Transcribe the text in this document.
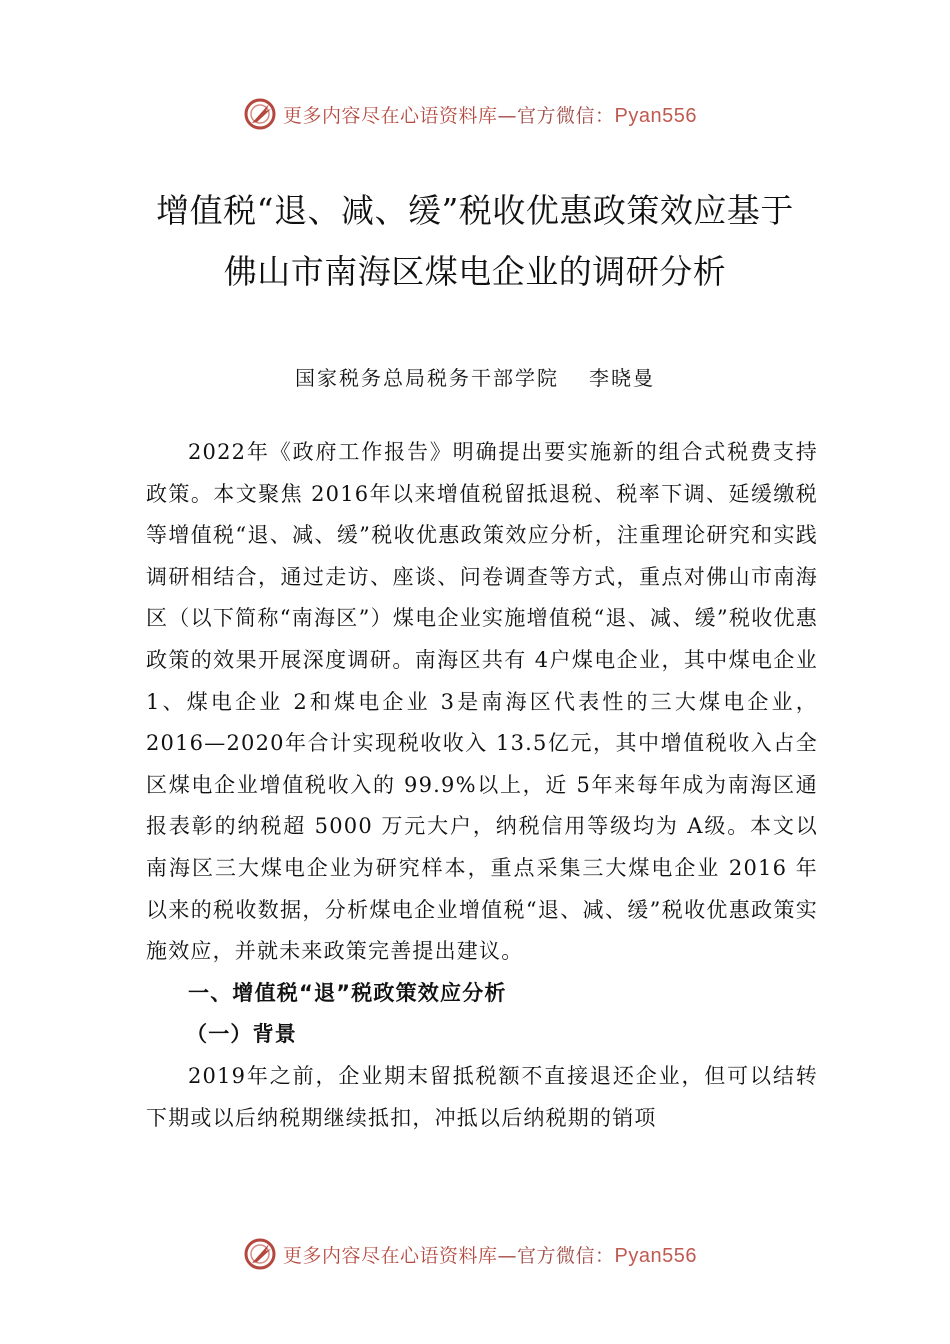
更多内容尽在心语资料库—官方微信：Pyan556
增值税“退、减、缓”税收优惠政策效应基于佛山市南海区煤电企业的调研分析
国家税务总局税务干部学院 李晓曼

2022年《政府工作报告》明确提出要实施新的组合式税费支持政策。本文聚焦 2016年以来增值税留抵退税、税率下调、延缓缴税等增值税“退、减、缓”税收优惠政策效应分析，注重理论研究和实践调研相结合，通过走访、座谈、问卷调查等方式，重点对佛山市南海区（以下简称“南海区”）煤电企业实施增值税“退、减、缓”税收优惠政策的效果开展深度调研。南海区共有 4户煤电企业，其中煤电企业 1、煤电企业 2和煤电企业 3是南海区代表性的三大煤电企业，2016—2020年合计实现税收收入 13.5亿元，其中增值税收入占全区煤电企业增值税收入的 99.9%以上，近 5年来每年成为南海区通报表彰的纳税超 5000 万元大户，纳税信用等级均为 A级。本文以南海区三大煤电企业为研究样本，重点采集三大煤电企业 2016 年以来的税收数据，分析煤电企业增值税“退、减、缓”税收优惠政策实施效应，并就未来政策完善提出建议。

一、增值税“退”税政策效应分析

（一）背景

2019年之前，企业期末留抵税额不直接退还企业，但可以结转下期或以后纳税期继续抵扣，冲抵以后纳税期的销项

更多内容尽在心语资料库—官方微信：Pyan556
